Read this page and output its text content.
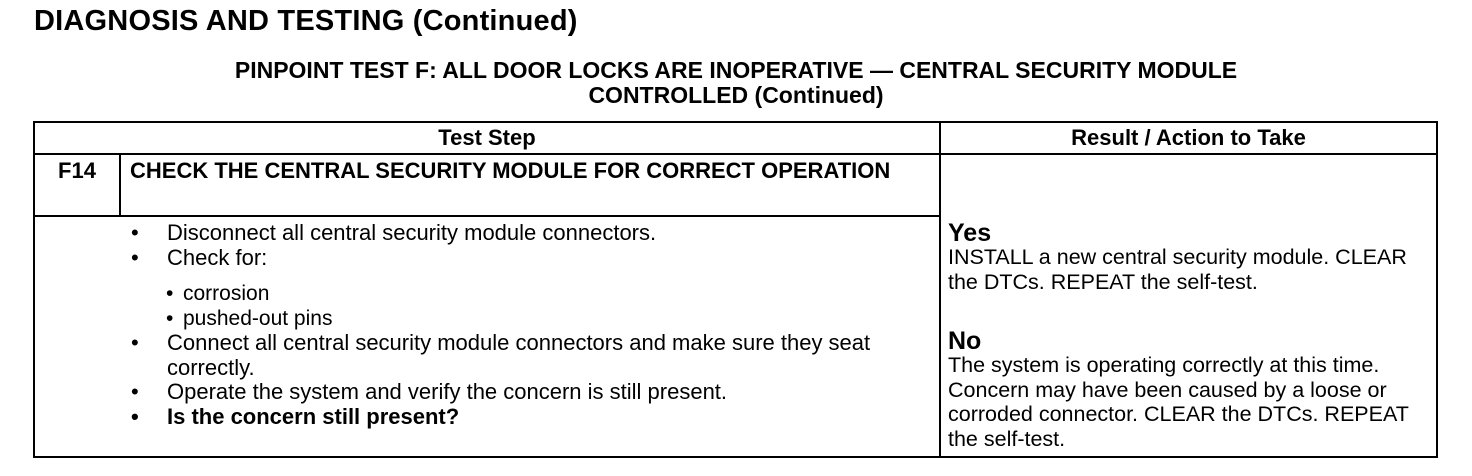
DIAGNOSIS AND TESTING (Continued)
PINPOINT TEST F: ALL DOOR LOCKS ARE INOPERATIVE — CENTRAL SECURITY MODULE
CONTROLLED (Continued)
Test Step	Result / Action to Take
F14	CHECK THE CENTRAL SECURITY MODULE FOR CORRECT OPERATION
• Disconnect all central security module connectors.
• Check for:
• corrosion
• pushed-out pins
• Connect all central security module connectors and make sure they seat correctly.
• Operate the system and verify the concern is still present.
• Is the concern still present?
Yes
INSTALL a new central security module. CLEAR the DTCs. REPEAT the self-test.
No
The system is operating correctly at this time. Concern may have been caused by a loose or corroded connector. CLEAR the DTCs. REPEAT the self-test.
